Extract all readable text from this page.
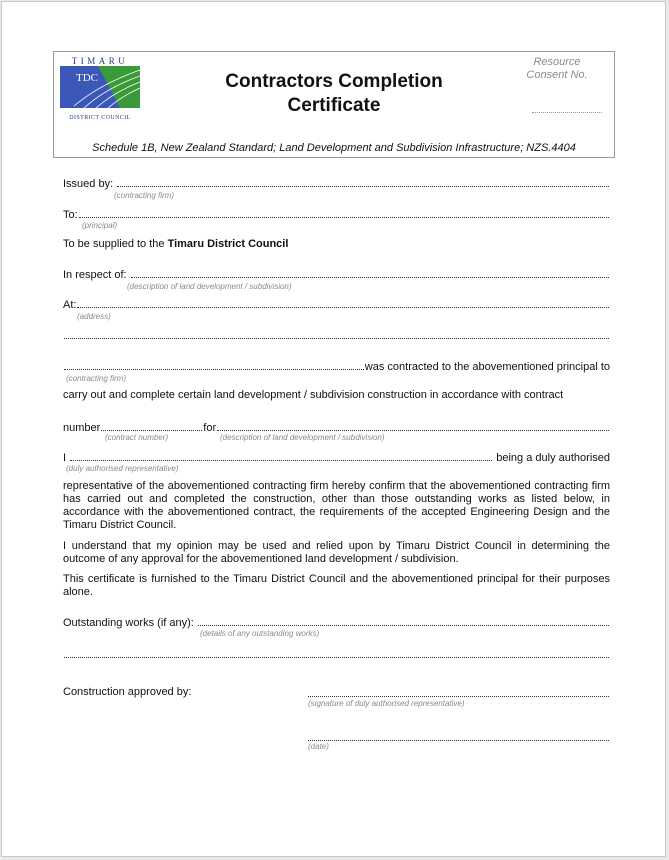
TIMARU
TDC
DISTRICT COUNCIL
Contractors Completion
Certificate
Resource
Consent No.
Schedule 1B, New Zealand Standard; Land Development and Subdivision Infrastructure; NZS.4404
Issued by:
(contracting firm)
To:
(principal)
To be supplied to the Timaru District Council
In respect of:
(description of land development / subdivision)
At:
(address)
was contracted to the abovementioned principal to
(contracting firm)
carry out and complete certain land development / subdivision construction in accordance with contract
number	for
(contract number)	(description of land development / subdivision)
I	being a duly authorised
(duly authorised representative)
representative of the abovementioned contracting firm hereby confirm that the abovementioned contracting firm has carried out and completed the construction, other than those outstanding works as listed below, in accordance with the abovementioned contract, the requirements of the accepted Engineering Design and the Timaru District Council.
I understand that my opinion may be used and relied upon by Timaru District Council in determining the outcome of any approval for the abovementioned land development / subdivision.
This certificate is furnished to the Timaru District Council and the abovementioned principal for their purposes alone.
Outstanding works (if any):
(details of any outstanding works)
Construction approved by:
(signature of duly authorised representative)
(date)
